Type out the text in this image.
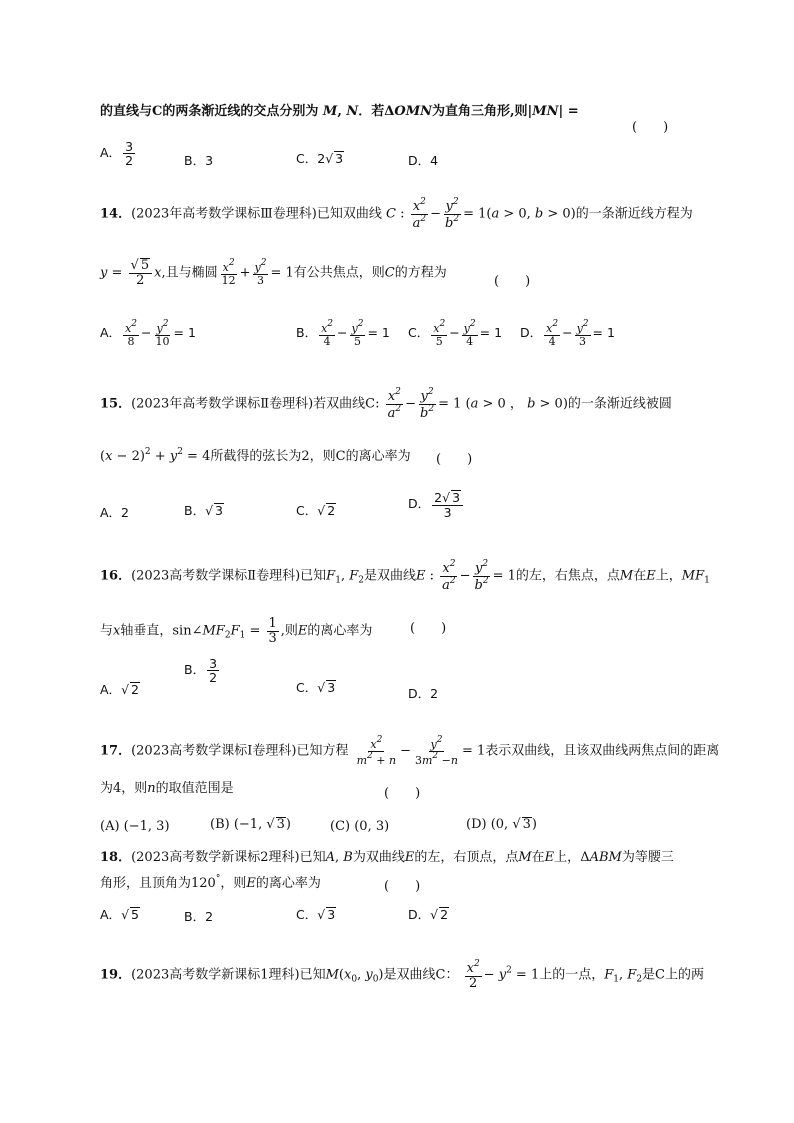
的直线与C的两条渐近线的交点分别为 M, N．若ΔOMN为直角三角形,则|MN| =
(　　)
A． $\frac{3}{2}$	B．3	C．2√ 3	D．4
14．(2023年高考数学课标Ⅲ卷理科)已知双曲线 C : $\frac{x^2}{a^2} - \frac{y^2}{b^2} = 1(a > 0$, b > 0)的一条渐近线方程为
$y = \frac{√ 5}{2} x$,且与椭圆 $\frac{x^2}{12} + \frac{y^2}{3} = 1$有公共焦点，则C的方程为
(　　)
A． $\frac{x^2}{8} - \frac{y^2}{10} = 1$	B． $\frac{x^2}{4} - \frac{y^2}{5} = 1$ C． $\frac{x^2}{5} - \frac{y^2}{4} = 1$ D． $\frac{x^2}{4} - \frac{y^2}{3} = 1$
15．(2023年高考数学课标Ⅱ卷理科)若双曲线C: $\frac{x^2}{a^2} - \frac{y^2}{b^2} = 1$ (a > 0 ， b > 0)的一条渐近线被圆
$(x - 2)^2 + y^2 = 4$所截得的弦长为2，则C的离心率为 (　　)
A．2	B．√ 3	C．√ 2	D． $\frac{2√ 3}{3}$
16．(2023高考数学课标Ⅱ卷理科)已知$F_1$, $F_2$是双曲线E : $\frac{x^2}{a^2} - \frac{y^2}{b^2} = 1$的左，右焦点，点M在E上，$MF_1$
与x轴垂直，$\sin\angle MF_2F_1 = \frac{1}{3}$ ,则E的离心率为	(　　)
A．√ 2
B． $\frac{3}{2}$
C．√ 3	D．2
17．(2023高考数学课标Ⅰ卷理科)已知方程 $\frac{x^2}{m^2 + n} - \frac{y^2}{3m^2 -n} = 1$表示双曲线，且该双曲线两焦点间的距离
为4，则n的取值范围是	(　　)
(A) (−1, 3)	(B) (−1, √ 3)	(C) (0, 3)	(D) (0, √ 3)
18．(2023高考数学新课标2理科)已知A, B为双曲线E的左，右顶点，点M在E上，ΔABM为等腰三
角形，且顶角为120°，则E的离心率为	(　　)
A．√ 5	B．2	C．√ 3	D．√ 2
19．(2023高考数学新课标1理科)已知$M(x_0$, $y_0$)是双曲线C： $\frac{x^2}{2} - y^2 = 1$上的一点，$F_1$, $F_2$是C上的两
